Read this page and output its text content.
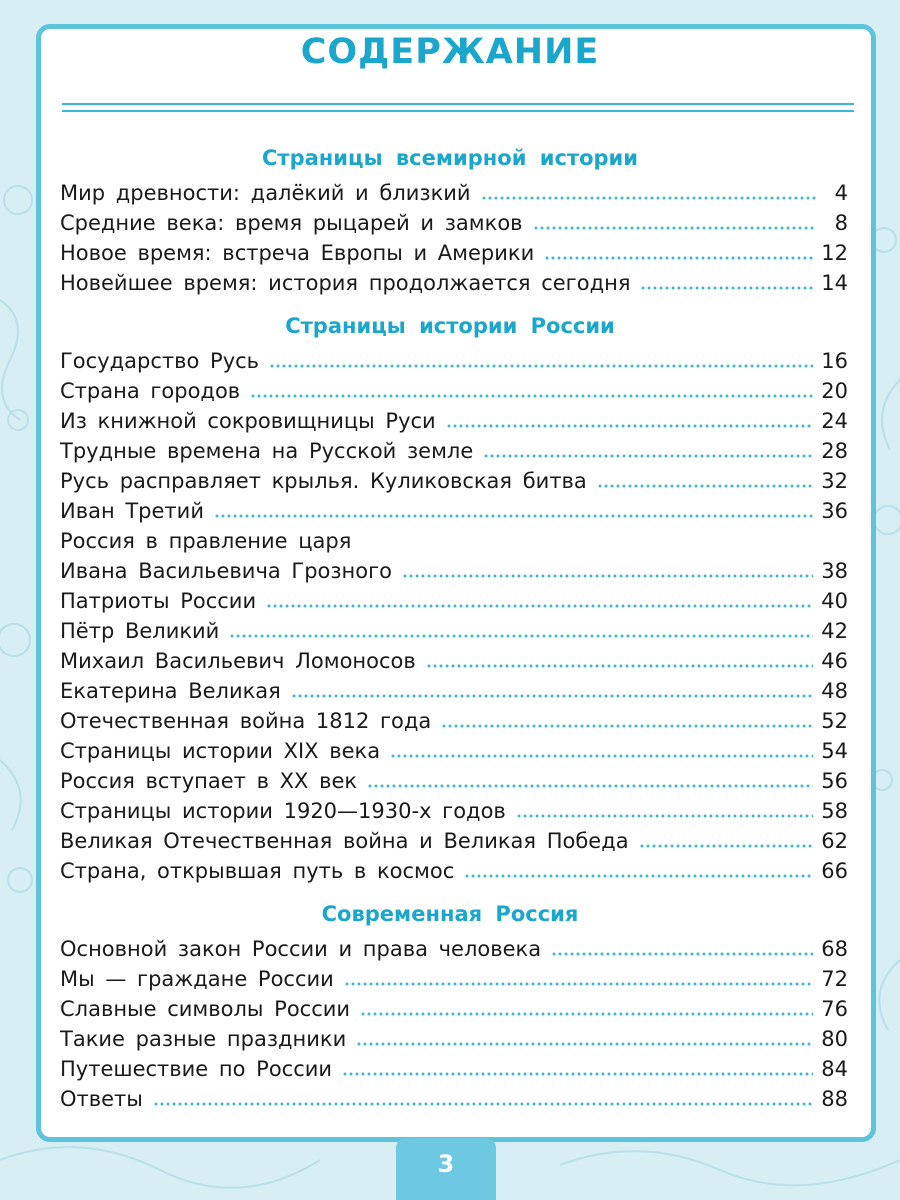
СОДЕРЖАНИЕ
Страницы всемирной истории
Мир древности: далёкий и близкий	4
Средние века: время рыцарей и замков	8
Новое время: встреча Европы и Америки	12
Новейшее время: история продолжается сегодня	14
Страницы истории России
Государство Русь	16
Страна городов	20
Из книжной сокровищницы Руси	24
Трудные времена на Русской земле	28
Русь расправляет крылья. Куликовская битва	32
Иван Третий	36
Россия в правление царя
Ивана Васильевича Грозного	38
Патриоты России	40
Пётр Великий	42
Михаил Васильевич Ломоносов	46
Екатерина Великая	48
Отечественная война 1812 года	52
Страницы истории XIX века	54
Россия вступает в XX век	56
Страницы истории 1920—1930-х годов	58
Великая Отечественная война и Великая Победа	62
Страна, открывшая путь в космос	66
Современная Россия
Основной закон России и права человека	68
Мы — граждане России	72
Славные символы России	76
Такие разные праздники	80
Путешествие по России	84
Ответы	88
3
